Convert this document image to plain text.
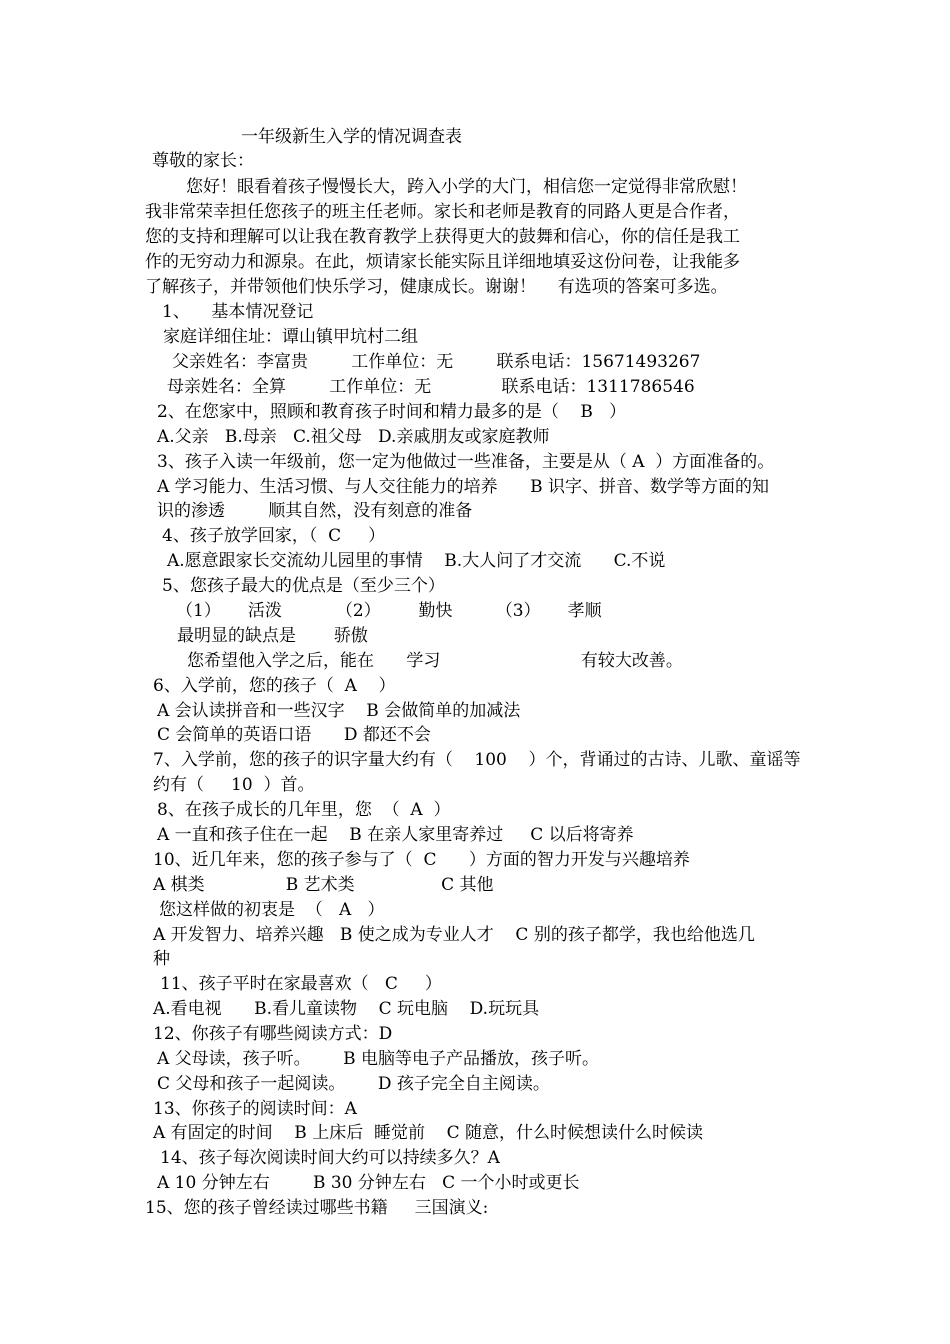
一年级新生入学的情况调查表
尊敬的家长：
您好！眼看着孩子慢慢长大，跨入小学的大门，相信您一定觉得非常欣慰！
我非常荣幸担任您孩子的班主任老师。家长和老师是教育的同路人更是合作者，
您的支持和理解可以让我在教育教学上获得更大的鼓舞和信心，你的信任是我工
作的无穷动力和源泉。在此，烦请家长能实际且详细地填妥这份问卷，让我能多
了解孩子，并带领他们快乐学习，健康成长。谢谢！    有选项的答案可多选。
1、    基本情况登记
家庭详细住址：谭山镇甲坑村二组
父亲姓名：李富贵        工作单位：无        联系电话：15671493267
母亲姓名：全算        工作单位：无             联系电话：1311786546
2、在您家中，照顾和教育孩子时间和精力最多的是（    B   ）
A.父亲   B.母亲   C.祖父母   D.亲戚朋友或家庭教师
3、孩子入读一年级前，您一定为他做过一些准备，主要是从（ A  ）方面准备的。
A 学习能力、生活习惯、与人交往能力的培养      B 识字、拼音、数学等方面的知
识的渗透        顺其自然，没有刻意的准备
4、孩子放学回家，（  C     ）
A.愿意跟家长交流幼儿园里的事情    B.大人问了才交流      C.不说
5、您孩子最大的优点是（至少三个）
（1）     活泼          （2）       勤快        （3）     孝顺
最明显的缺点是       骄傲
您希望他入学之后，能在      学习                          有较大改善。
6、入学前，您的孩子（  A    ）
A 会认读拼音和一些汉字    B 会做简单的加减法
C 会简单的英语口语      D 都还不会
7、入学前，您的孩子的识字量大约有（    100    ）个，背诵过的古诗、儿歌、童谣等
约有（     10  ）首。
8、在孩子成长的几年里，您  （  A  ）
A 一直和孩子住在一起    B 在亲人家里寄养过     C 以后将寄养
10、近几年来，您的孩子参与了（  C      ）方面的智力开发与兴趣培养
A 棋类               B 艺术类                C 其他
您这样做的初衷是  （   A   ）
A 开发智力、培养兴趣   B 使之成为专业人才    C 别的孩子都学，我也给他选几
种
11、孩子平时在家最喜欢（   C     ）
A.看电视      B.看儿童读物    C 玩电脑    D.玩玩具
12、你孩子有哪些阅读方式：D
A 父母读，孩子听。      B 电脑等电子产品播放，孩子听。
C 父母和孩子一起阅读。      D 孩子完全自主阅读。
13、你孩子的阅读时间：A
A 有固定的时间    B 上床后  睡觉前    C 随意，什么时候想读什么时候读
14、孩子每次阅读时间大约可以持续多久？A
A 10 分钟左右        B 30 分钟左右   C 一个小时或更长
15、您的孩子曾经读过哪些书籍     三国演义:
